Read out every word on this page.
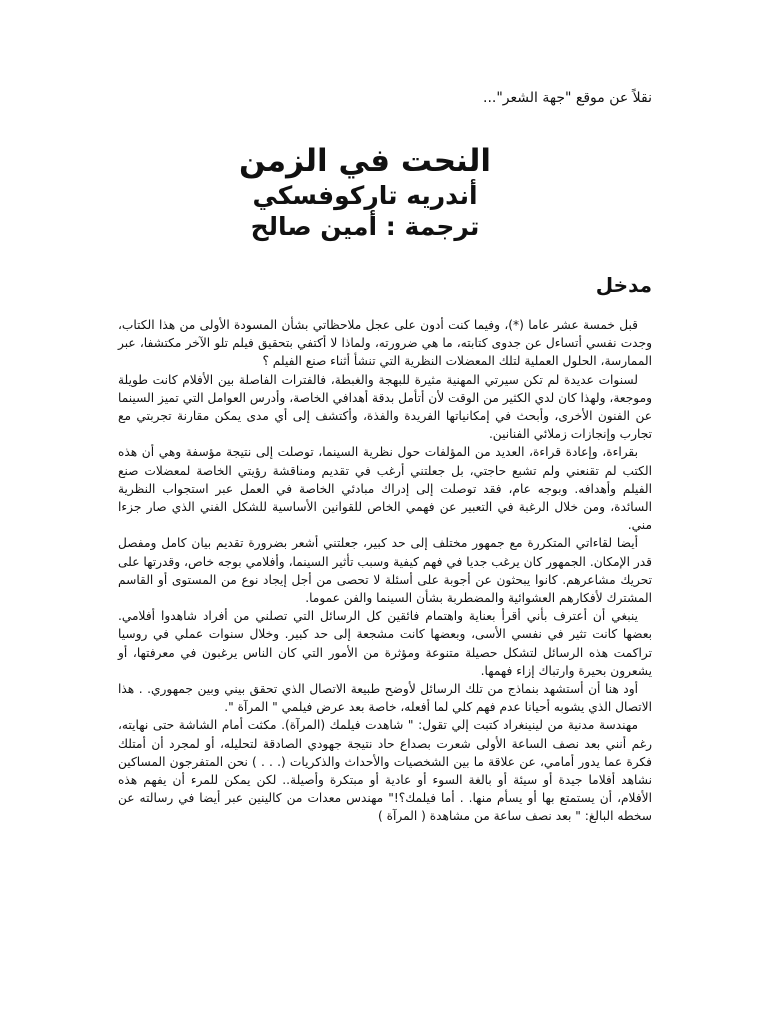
نقلاً عن موقع "جهة الشعر"...
النحت في الزمن
أندريه تاركوفسكي
ترجمة : أمين صالح
مدخل

قبل خمسة عشر عاما (*)، وفيما كنت أدون على عجل ملاحظاتي بشأن المسودة الأولى من هذا الكتاب، وجدت نفسي أتساءل عن جدوى كتابته، ما هي ضرورته، ولماذا لا أكتفي بتحقيق فيلم تلو الآخر مكتشفا، عبر الممارسة، الحلول العملية لتلك المعضلات النظرية التي تنشأ أثناء صنع الفيلم ؟

لسنوات عديدة لم تكن سيرتي المهنية مثيرة للبهجة والغبطة، فالفترات الفاصلة بين الأفلام كانت طويلة وموجعة، ولهذا كان لدي الكثير من الوقت لأن أتأمل بدقة أهدافي الخاصة، وأدرس العوامل التي تميز السينما عن الفنون الأخرى، وأبحث في إمكانياتها الفريدة والفذة، وأكتشف إلى أي مدى يمكن مقارنة تجربتي مع تجارب وإنجازات زملائي الفنانين.

بقراءة، وإعادة قراءة، العديد من المؤلفات حول نظرية السينما، توصلت إلى نتيجة مؤسفة وهي أن هذه الكتب لم تقنعني ولم تشبع حاجتي، بل جعلتني أرغب في تقديم ومناقشة رؤيتي الخاصة لمعضلات صنع الفيلم وأهدافه. وبوجه عام، فقد توصلت إلى إدراك مبادئي الخاصة في العمل عبر استجواب النظرية السائدة، ومن خلال الرغبة في التعبير عن فهمي الخاص للقوانين الأساسية للشكل الفني الذي صار جزءا مني.

أيضا لقاءاتي المتكررة مع جمهور مختلف إلى حد كبير، جعلتني أشعر بضرورة تقديم بيان كامل ومفصل قدر الإمكان. الجمهور كان يرغب جديا في فهم كيفية وسبب تأثير السينما، وأفلامي بوجه خاص، وقدرتها على تحريك مشاعرهم. كانوا يبحثون عن أجوبة على أسئلة لا تحصى من أجل إيجاد نوع من المستوى أو القاسم المشترك لأفكارهم العشوائية والمضطربة بشأن السينما والفن عموما.

ينبغي أن أعترف بأني أقرأ بعناية واهتمام فائقين كل الرسائل التي تصلني من أفراد شاهدوا أفلامي. بعضها كانت تثير في نفسي الأسى، وبعضها كانت مشجعة إلى حد كبير. وخلال سنوات عملي في روسيا تراكمت هذه الرسائل لتشكل حصيلة متنوعة ومؤثرة من الأمور التي كان الناس يرغبون في معرفتها، أو يشعرون بحيرة وارتباك إزاء فهمها.

أود هنا أن أستشهد بنماذج من تلك الرسائل لأوضح طبيعة الاتصال الذي تحقق بيني وبين جمهوري. . هذا الاتصال الذي يشوبه أحيانا عدم فهم كلي لما أفعله، خاصة بعد عرض فيلمي " المرآة ".

مهندسة مدنية من لينينغراد كتبت إلي تقول: " شاهدت فيلمك (المرآة). مكثت أمام الشاشة حتى نهايته، رغم أنني بعد نصف الساعة الأولى شعرت بصداع حاد نتيجة جهودي الصادقة لتحليله، أو لمجرد أن أمتلك فكرة عما يدور أمامي، عن علاقة ما بين الشخصيات والأحداث والذكريات (. . . ) نحن المتفرجون المساكين نشاهد أفلاما جيدة أو سيئة أو بالغة السوء أو عادية أو مبتكرة وأصيلة.. لكن يمكن للمرء أن يفهم هذه الأفلام، أن يستمتع بها أو يسأم منها. . أما فيلمك؟!" مهندس معدات من كالينين عبر أيضا في رسالته عن سخطه البالغ: " بعد نصف ساعة من مشاهدة ( المرآة )
